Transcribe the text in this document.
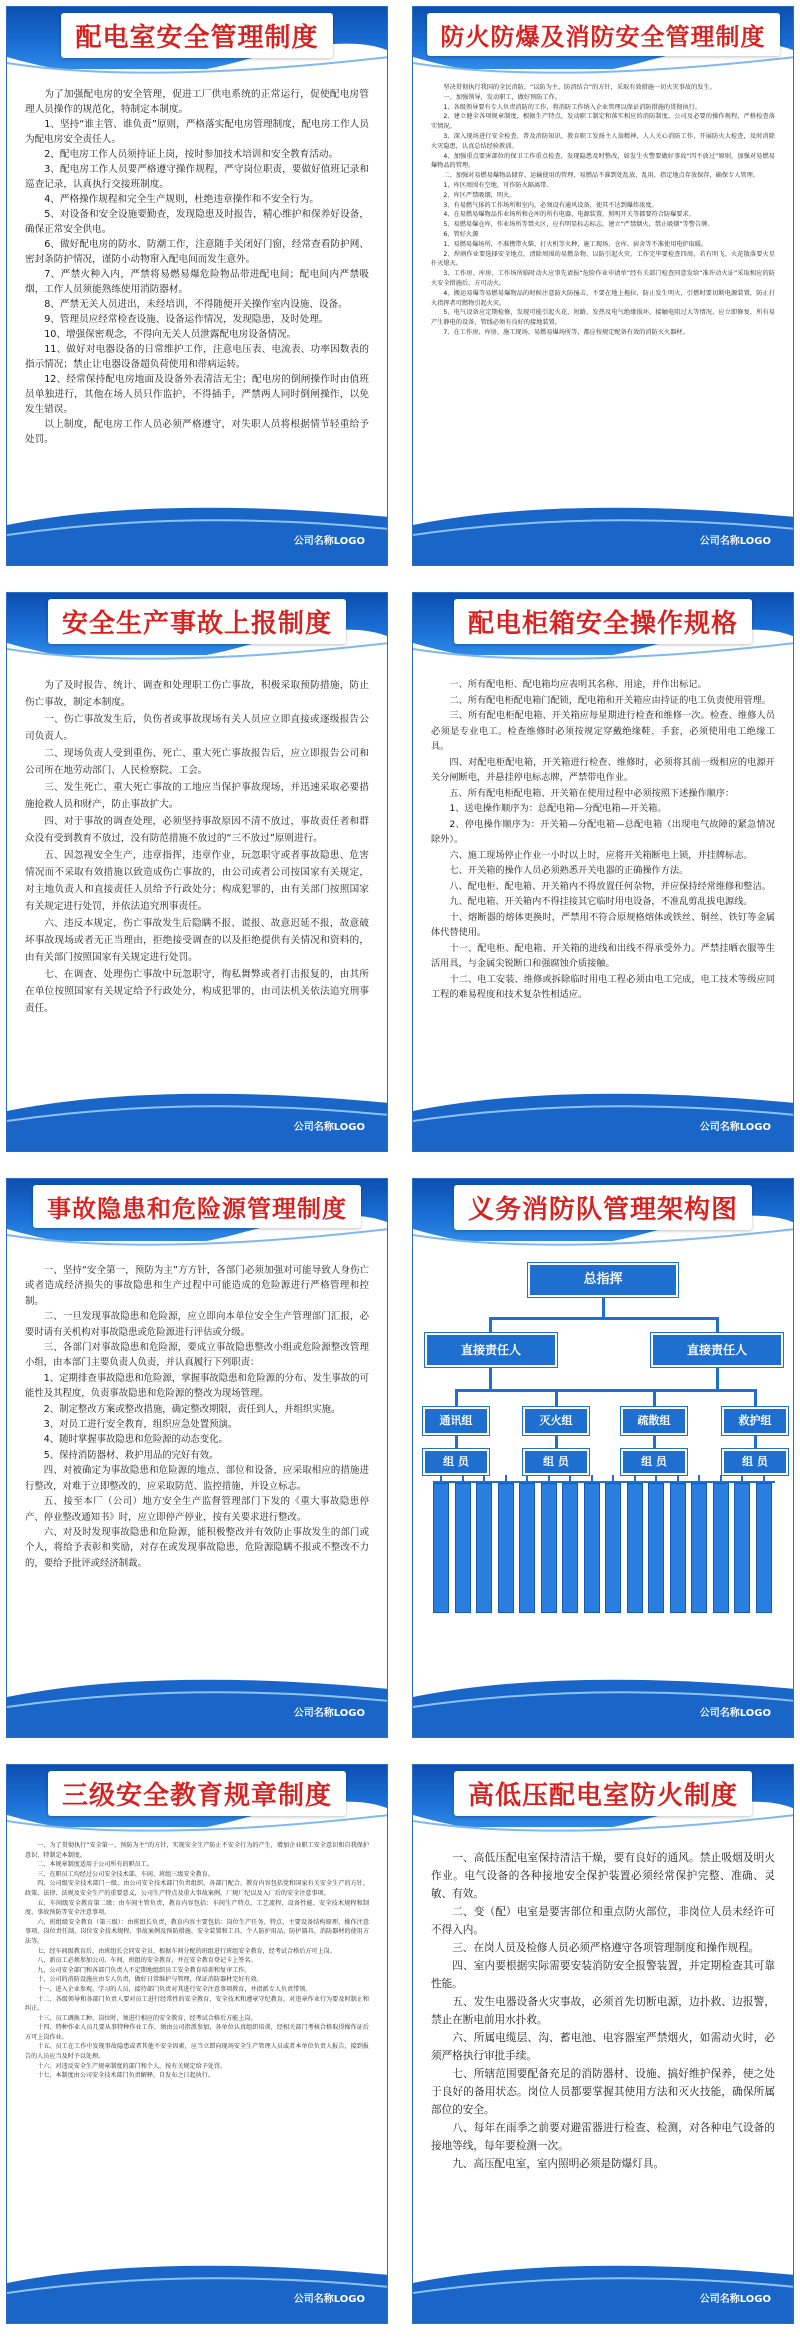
配电室安全管理制度

为了加强配电房的安全管理，促进工厂供电系统的正常运行，促使配电房管理人员操作的规范化，特制定本制度。

1、坚持“谁主管、谁负责”原则，严格落实配电房管理制度，配电房工作人员为配电房安全责任人。

2、配电房工作人员须持证上岗，按时参加技术培训和安全教育活动。

3、配电房工作人员要严格遵守操作规程，严守岗位职责，要做好值班记录和巡查记录，认真执行交接班制度。

4、严格操作规程和完全生产规则，杜绝违章操作和不安全行为。

5、对设备和安全设施要勤查，发现隐患及时报告，精心维护和保养好设备，确保正常安全供电。

6、做好配电房的防水、防潮工作，注意随手关闭好门窗，经常查看防护网、密封条防护情况，谨防小动物窜入配电间而发生意外。

7、严禁火种入内，严禁将易燃易爆危险物品带进配电间；配电间内严禁吸烟，工作人员须能熟练使用消防器材。

8、严禁无关人员进出，未经培训，不得随便开关操作室内设施、设备。

9、管理员应经常检查设施、设备运作情况，发现隐患，及时处理。

10、增强保密观念，不得向无关人员泄露配电房设备情况。

11、做好对电器设备的日常维护工作，注意电压表、电流表、功率因数表的指示情况；禁止让电器设备超负荷使用和带病运转。

12、经常保持配电房地面及设备外表清洁无尘；配电房的倒闸操作时由值班员单独进行，其他在场人员只作监护，不得插手，严禁两人同时倒闸操作，以免发生错误。

以上制度，配电房工作人员必须严格遵守，对失职人员将根据情节轻重给予处罚。

公司名称LOGO
防火防爆及消防安全管理制度

坚决贯彻执行我国的全民消防，“以防为主、防消结合”的方针，采取有效措施一切火灾事故的发生。

一、加强领导，发动职工，做好预防工作。

1、各级领导要有专人负责消防的工作，将消防工作纳入企业管理以保证消防措施的贯彻执行。

2、建立健全各项规章制度，根据生产特点，发动职工制定和落实相应的消防制度，公司及必要的操作规程，严格检查落实情况。

3、深入现场进行安全检查，普及消防知识，教育职工发扬主人翁精神，人人关心消防工作，开展防火大检查，及时消除火灾隐患，认真总结经验教训。

4、加强重点要害部位的保卫工作重点检查，发现隐患及时整改，如发生火警要做好事故“四不放过”原则，加强对易燃易爆物品的管理。

二、加强对易燃易爆物品储存、运输使用的管理，易燃品不准到处乱放、乱用，指定地点存放保存，确保专人管理。

1、库区周围有空地，可作防火隔离带。

2、库区严禁吸烟，明火。

3、有易燃气体的工作场所和室内，必须设有通风设备，使其不达到爆炸浓度。

4、在易燃易爆物品作业场所和仓库的所有电器、电源装置，照明开关等都要符合防爆要求。

5、易燃易爆仓库，作业场所等禁火区，应有明显标志标志，建立“严禁烟火，禁止吸烟”等警告牌。

6、管好火源

1、易燃易爆场所，不准携带火柴、打火机等火种，施工现场、仓库、宿舍等不准使用电炉取暖。

2、焊割作业要选择安全地点，清除周围的易燃杂物，以防引起火灾，工作完毕要检查四周，若有明飞、火花散落要火星扑灭熄灭。

3、工作房、库房、工作场所临时动火应事先请报“危险作业申请单”经有关部门检查同意发给“准许动火证”采取相应的防火安全措施后，方可动火。

4、搬运易爆等易燃易爆物品的时候注意防火防撞击，不要在地上拖拉，防止发生明火，引燃时要切断电源装置，防止打火指挥者可燃物引起火灾。

5、电气设备应定期检修，发现可能引起火花，短路、发热及电气绝缘损坏，接触电阻过大等情况，应立即修复，所有易产生静电的设备，管线必须有良好的接地装置。

7、在工作房、库房、施工现场、易燃易爆场所等，都应按规定配备有效的消防灭火器材。

公司名称LOGO
安全生产事故上报制度

为了及时报告、统计、调查和处理职工伤亡事故，积极采取预防措施，防止伤亡事故，制定本制度。

一、伤亡事故发生后，负伤者或事故现场有关人员应立即直接或逐级报告公司负责人。

二、现场负责人受到重伤、死亡、重大死亡事故报告后，应立即报告公司和公司所在地劳动部门、人民检察院、工会。

三、发生死亡、重大死亡事故的工地应当保护事故现场，并迅速采取必要措施抢救人员和财产，防止事故扩大。

四、对于事故的调查处理，必须坚持事故原因不清不放过，事故责任者和群众没有受到教育不放过，没有防范措施不放过的“三不放过”原则进行。

五、因忽视安全生产，违章指挥，违章作业，玩忽职守或者事故隐患、危害情况而不采取有效措施以致造成伤亡事故的，由公司或者公司按国家有关规定，对主地负责人和直接责任人员给予行政处分；构成犯罪的，由有关部门按照国家有关规定进行处罚，并依法追究刑事责任。

六、违反本规定，伤亡事故发生后隐瞒不报、谎报、故意迟延不报，故意破坏事故现场或者无正当理由，拒绝接受调查的以及拒绝提供有关情况和资料的，由有关部门按照国家有关规定进行处罚。

七、在调查、处理伤亡事故中玩忽职守，徇私舞弊或者打击报复的，由其所在单位按照国家有关规定给予行政处分，构成犯罪的，由司法机关依法追究刑事责任。

公司名称LOGO
配电柜箱安全操作规格

一、所有配电柜、配电箱均应表明其名称、用途，并作出标记。

二、所有配电柜配电箱门配锁，配电箱和开关箱应由持证的电工负责使用管理。

三、所有配电柜配电箱、开关箱应每星期进行检查和维修一次。检查、维修人员必须是专业电工。检查维修时必须按规定穿戴绝缘鞋、手套，必须使用电工绝缘工具。

四、对配电柜配电箱，开关箱进行检查、维修时，必须将其前一级相应的电源开关分闸断电，并悬挂停电标志牌，严禁带电作业。

五、所有配电柜配电箱、开关箱在使用过程中必须按照下述操作顺序：

1、送电操作顺序为：总配电箱—分配电箱—开关箱。

2、停电操作顺序为：开关箱—分配电箱—总配电箱（出现电气故障的紧急情况除外）。

六、施工现场停止作业一小时以上时，应将开关箱断电上锁，并挂牌标志。

七、开关箱的操作人员必须熟悉开关电器的正确操作方法。

八、配电柜、配电箱、开关箱内不得放置任何杂物，并应保持经常维修和整洁。

九、配电箱、开关箱内不得挂接其它临时用电设备，不准乱剪乱拔电源线。

十、熔断器的熔体更换时，严禁用不符合原规格熔体或铁丝、铜丝、铁钉等金属体代替使用。

十一、配电柜、配电箱、开关箱的进线和出线不得承受外力。严禁挂晒衣服等生活用具，与金属尖锐断口和强腐蚀介质接触。

十二、电工安装、维修或拆除临时用电工程必须由电工完成，电工技术等级应同工程的难易程度和技术复杂性相适应。

公司名称LOGO
事故隐患和危险源管理制度

一、坚持“安全第一，预防为主”方方针，各部门必须加强对可能导致人身伤亡或者造成经济损失的事故隐患和生产过程中可能造成的危险源进行严格管理和控制。

二、一旦发现事故隐患和危险源，应立即向本单位安全生产管理部门汇报，必要时请有关机构对事故隐患或危险源进行评估或分级。

三、各部门对事故隐患和危险源，要成立事故隐患整改小组或危险源整改管理小组，由本部门主要负责人负责，并认真履行下列职责：

1、定期排查事故隐患和危险源，掌握事故隐患和危险源的分布、发生事故的可能性及其程度，负责事故隐患和危险源的整改为现场管理。

2、制定整改方案或整改措施，确定整改期限，责任到人，并组织实施。

3、对员工进行安全教育，组织应急处置预演。

4、随时掌握事故隐患和危险源的动态变化。

5、保持消防器材、救护用品的完好有效。

四、对被确定为事故隐患和危险源的地点、部位和设备，应采取相应的措施进行整改，对难于立即整改的，应采取防范、监控措施，并设立标志。

五、接至本厂（公司）地方安全生产监督管理部门下发的《重大事故隐患停产、停业整改通知书》时，应立即停产停业，按有关要求进行整改。

六、对及时发现事故隐患和危险源，能积极整改并有效防止事故发生的部门或个人，将给予表彰和奖励，对存在或发现事故隐患，危险源隐瞒不报或不整改不力的，要给予批评或经济制裁。

公司名称LOGO
义务消防队管理架构图
总指挥
直接责任人	直接责任人
通讯组	灭火组	疏散组	救护组
组 员	组 员	组 员	组 员
公司名称LOGO
三级安全教育规章制度

一、为了贯彻执行“安全第一，预防为主”的方针，实现安全生产防止不安全行为的产生，增加企业职工安全意识和自我保护意识，特制定本制度。

二、本规章制度适用于公司所有的职员工。

三、在职员工均经过公司安全技术部、车间、班组三级安全教育。

四、公司级安全技术部门一级、由公司安全技术部门负责组织，各部门配合，教育内容包括党和国家有关安全生产的方针、政策、法律、法规及安全生产的重要意义，公司生产特点及重大事故案例，厂规厂纪以及入厂后的安全注意事项。

五、车间级安全教育第二级：由车间主管负责，教育内容包括：车间生产特点、工艺流程、设备性能、安全技术规程和制度、事故预防等安全注意事项。

六、班组级安全教育（第三级）：由班组长负责，教育内容主要包括：岗位生产任务、特点、主要设备结构原理、操作注意事项、岗位责任制、岗位安全技术规程、事故案例及预防措施、安全装置和工具、个人防护用品、防护器具、消防器材的使用方法等。

七、经车间级教育后，由班组长会同安全员，根据车间分配的班组进行班组安全教育，经考试合格后方可上岗。

八、新员工必须参加公司、车间、班组的安全教育，并在安全教育登记卡上签名。

九、公司安全部门和各部门负责人不定期地组织员工安全教育培训和复审工作。

十、公司的消防设施应由专人负责，做好日常维护与管理，保证消防器材完好有效。

十一、进入企业参观、学习的人员，接待部门负责对其进行安全注意事项教育，并指派专人负责带领。

十二、各级领导和各部门负责人要对员工进行经常性的安全教育，安全技术和遵章守纪教育，对违章作业行为要及时制止和纠正。

十三、员工调换工种、岗位时，须进行相应的安全教育，经考试合格后方能上岗。

十四、特种作业人员几要从事特种作业工作，须由公司指派参加，各单位认真组织培训，经相关部门考核合格取得操作证后方可上岗作业。

十五、员工在工作中发现事故隐患或者其他不安全因素，应当立即向现场安全生产管理人员或者本单位负责人报告，接到报告的人员应当及时予以处理。

十六、对违反安全生产规章制度的部门和个人，按有关规定给予处罚。

十七、本制度由公司安全技术部门负责解释，自发布之日起执行。

公司名称LOGO
高低压配电室防火制度

一、高低压配电室保持清洁干燥，要有良好的通风。禁止吸烟及明火作业。电气设备的各种接地安全保护装置必须经常保护完整、准确、灵敏、有效。

二、变（配）电室是要害部位和重点防火部位，非岗位人员未经许可不得入内。

三、在岗人员及检修人员必须严格遵守各项管理制度和操作规程。

四、室内要根据实际需要安装消防安全报警装置，并定期检查其可靠性能。

五、发生电器设备火灾事故，必须首先切断电源，边扑救、边报警，禁止在断电前用水扑救。

六、所属电缆层、沟、蓄电池、电容器室严禁烟火，如需动火时，必须严格执行审批手续。

七、所辖范围要配备充足的消防器材、设施、搞好维护保养，使之处于良好的备用状态。岗位人员都要掌握其使用方法和灭火技能，确保所属部位的安全。

八、每年在雨季之前要对避雷器进行检查、检测，对各种电气设备的接地等线，每年要检测一次。

九、高压配电室，室内照明必须是防爆灯具。

公司名称LOGO
